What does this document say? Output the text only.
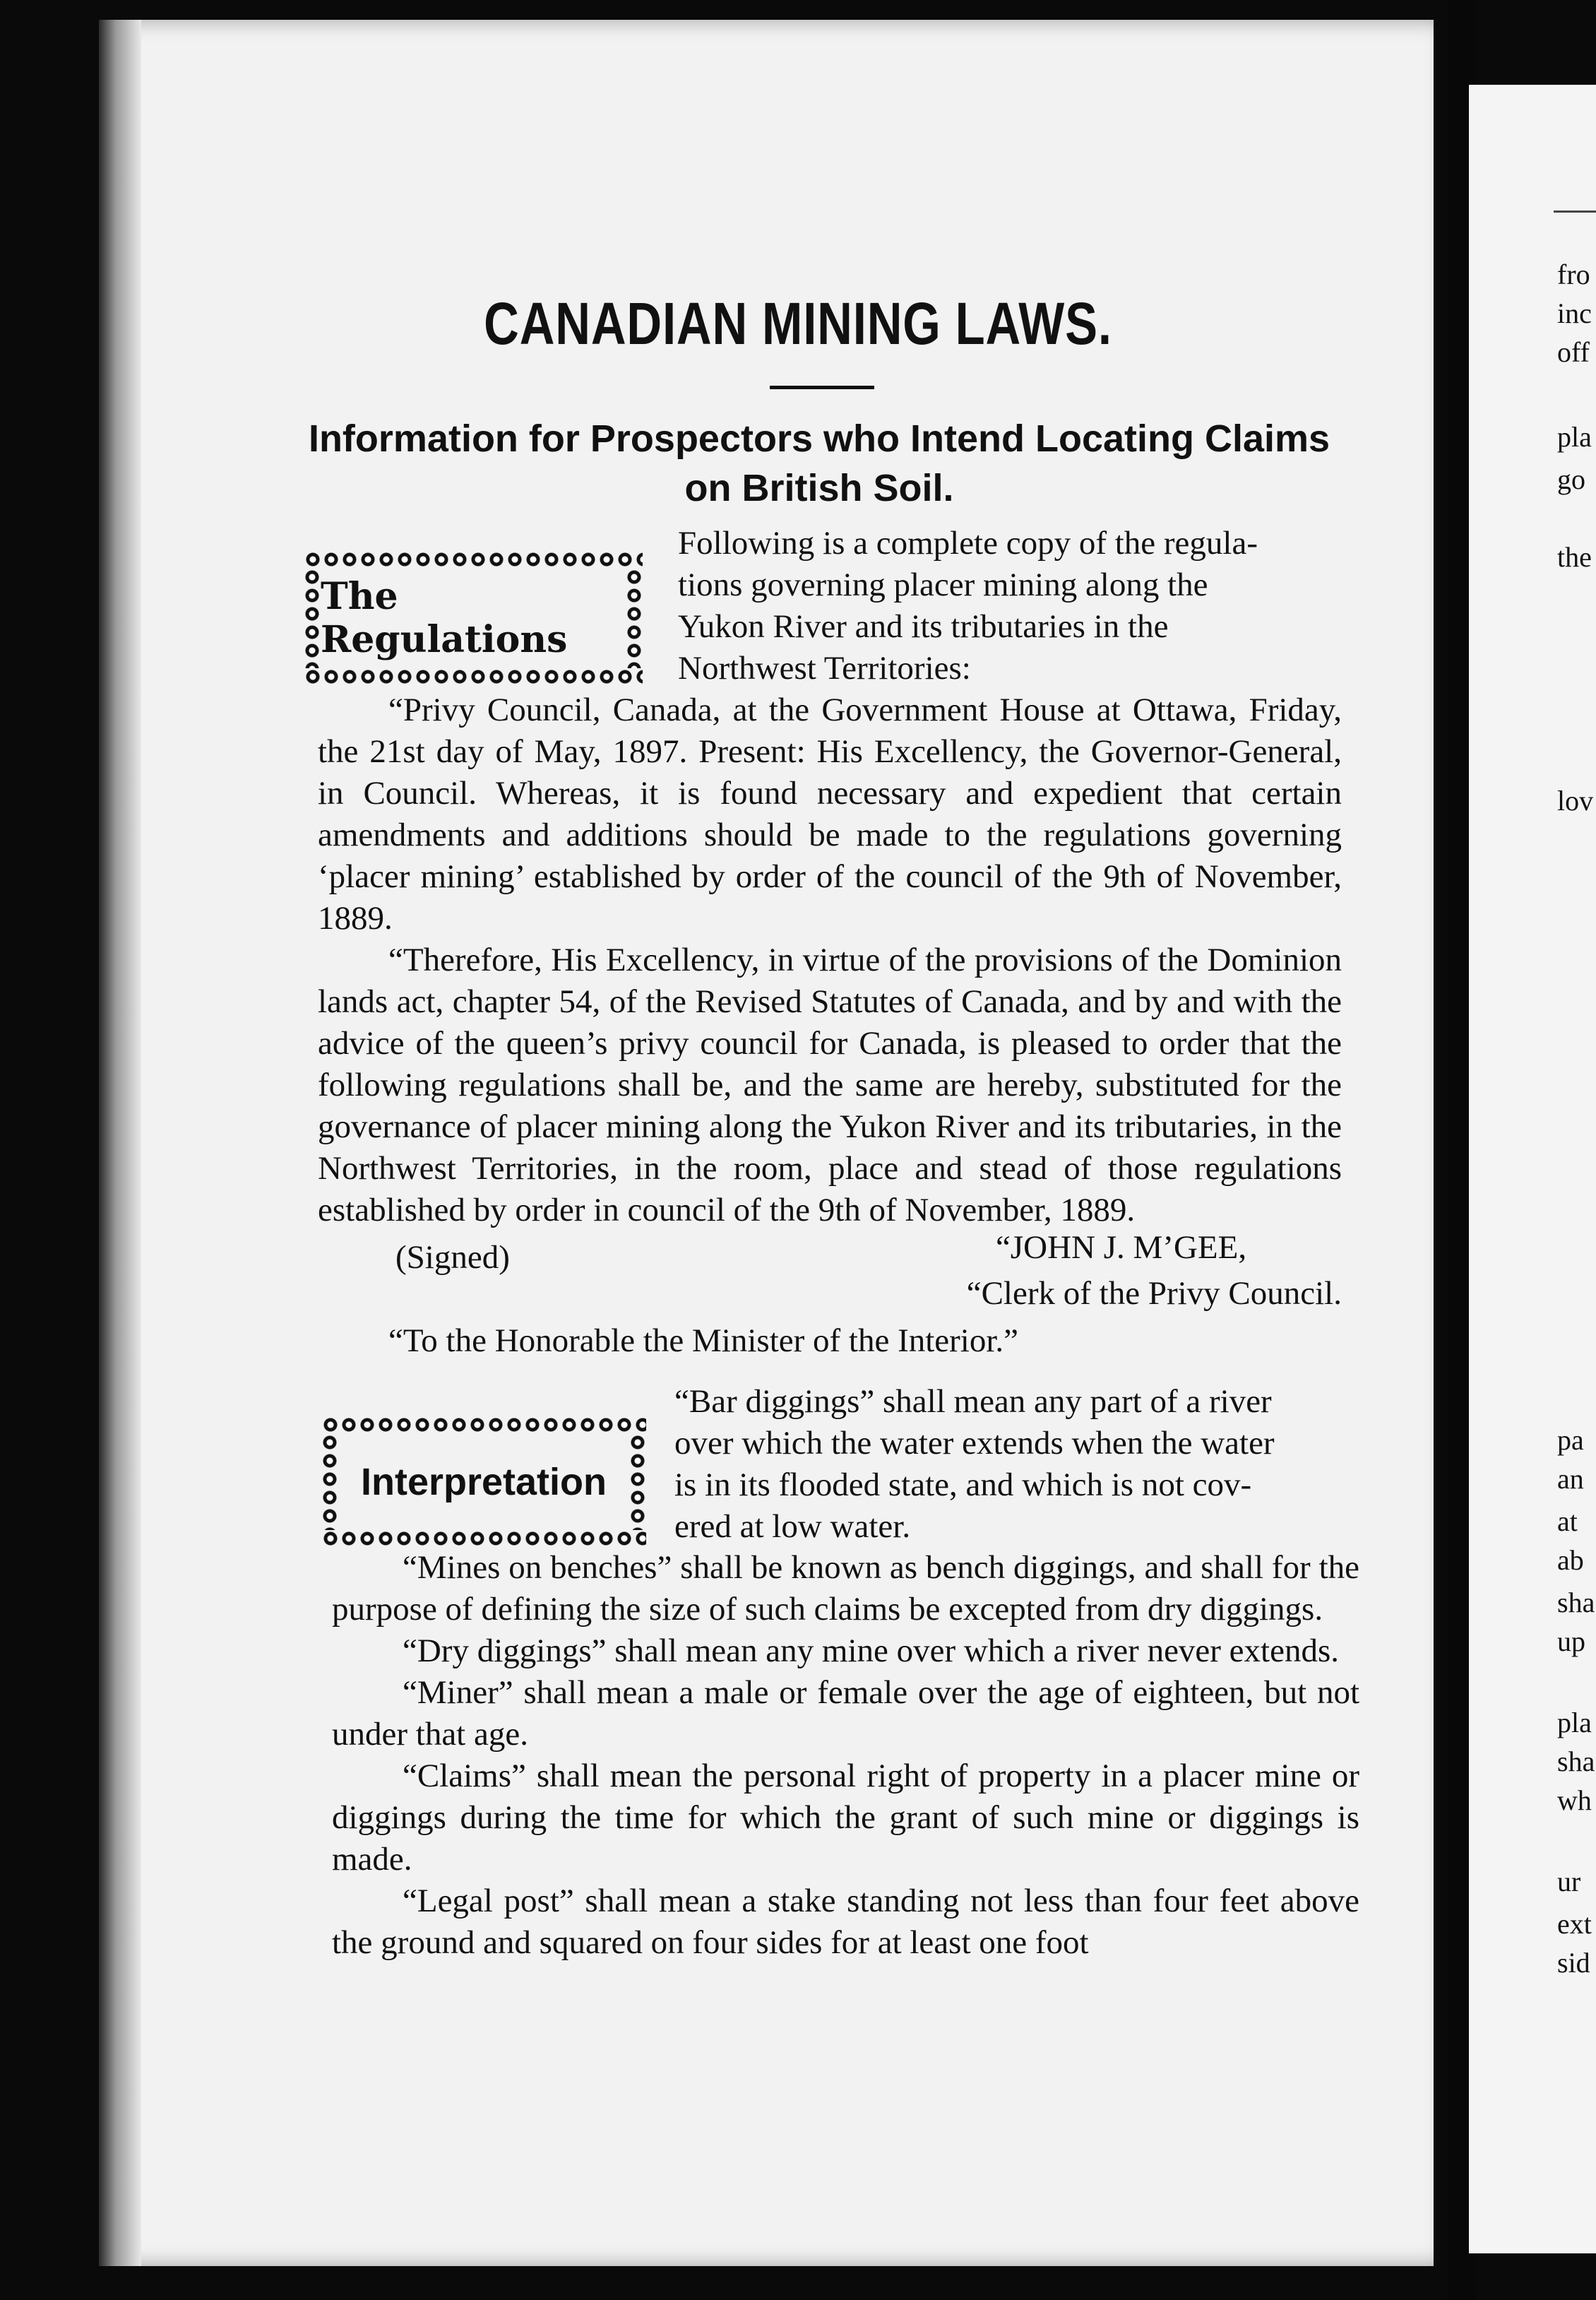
fro
inc
off
pla
go
the
lov
pa
an
at
ab
sha
up
pla
sha
wh
ur
ext
sid
CANADIAN MINING LAWS.
Information for Prospectors who Intend Locating Claims on British Soil.
The Regulations

Following is a complete copy of the regula-

tions governing placer mining along the

Yukon River and its tributaries in the

Northwest Territories:

“Privy Council, Canada, at the Government House at Ottawa, Friday, the 21st day of May, 1897. Present: His Excellency, the Governor-General, in Council. Whereas, it is found necessary and expedient that certain amendments and additions should be made to the regulations governing ‘placer mining’ established by order of the council of the 9th of November, 1889.

“Therefore, His Excellency, in virtue of the provisions of the Dominion lands act, chapter 54, of the Revised Statutes of Canada, and by and with the advice of the queen’s privy council for Canada, is pleased to order that the following regulations shall be, and the same are hereby, substituted for the governance of placer mining along the Yukon River and its tributaries, in the Northwest Territories, in the room, place and stead of those regulations established by order in council of the 9th of November, 1889.

(Signed)	“JOHN J. M’GEE,

“Clerk of the Privy Council.

“To the Honorable the Minister of the Interior.”

Interpretation

“Bar diggings” shall mean any part of a river

over which the water extends when the water

is in its flooded state, and which is not cov-

ered at low water.

“Mines on benches” shall be known as bench diggings, and shall for the purpose of defining the size of such claims be excepted from dry diggings.

“Dry diggings” shall mean any mine over which a river never extends.

“Miner” shall mean a male or female over the age of eighteen, but not under that age.

“Claims” shall mean the personal right of property in a placer mine or diggings during the time for which the grant of such mine or diggings is made.

“Legal post” shall mean a stake standing not less than four feet above the ground and squared on four sides for at least one foot
